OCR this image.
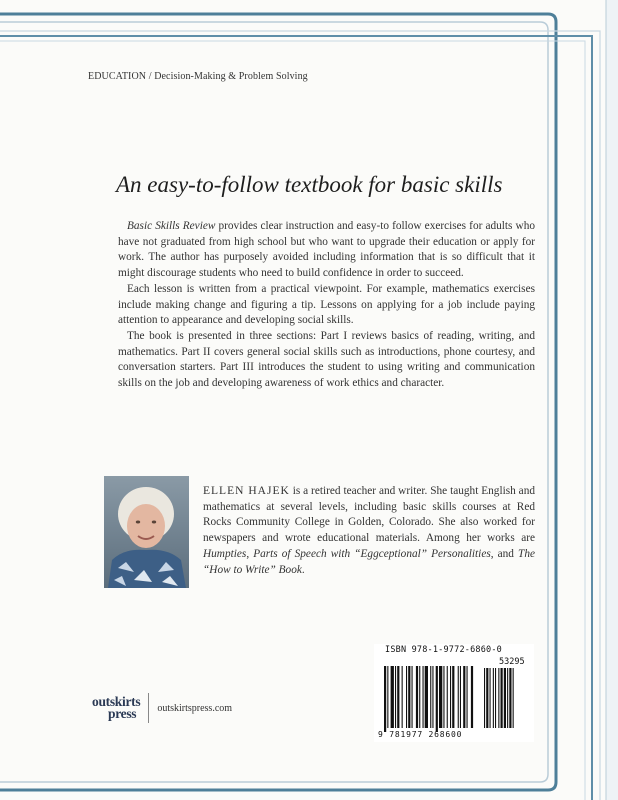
EDUCATION / Decision-Making & Problem Solving
An easy-to-follow textbook for basic skills

Basic Skills Review provides clear instruction and easy-to follow exercises for adults who have not graduated from high school but who want to upgrade their education or apply for work. The author has purposely avoided including information that is so difficult that it might discourage students who need to build confidence in order to succeed.

Each lesson is written from a practical viewpoint. For example, mathematics exercises include making change and figuring a tip. Lessons on applying for a job include paying attention to appearance and developing social skills.

The book is presented in three sections: Part I reviews basics of reading, writing, and mathematics. Part II covers general social skills such as introductions, phone courtesy, and conversation starters. Part III introduces the student to using writing and communication skills on the job and developing awareness of work ethics and character.

ELLEN HAJEK is a retired teacher and writer. She taught English and mathematics at several levels, including basic skills courses at Red Rocks Community College in Golden, Colorado. She also worked for newspapers and wrote educational materials. Among her works are Humpties, Parts of Speech with “Eggceptional” Personalities, and The “How to Write” Book.
ISBN 978-1-9772-6860-0
53295
9 781977 268600
outskirts
press	outskirtspress.com
